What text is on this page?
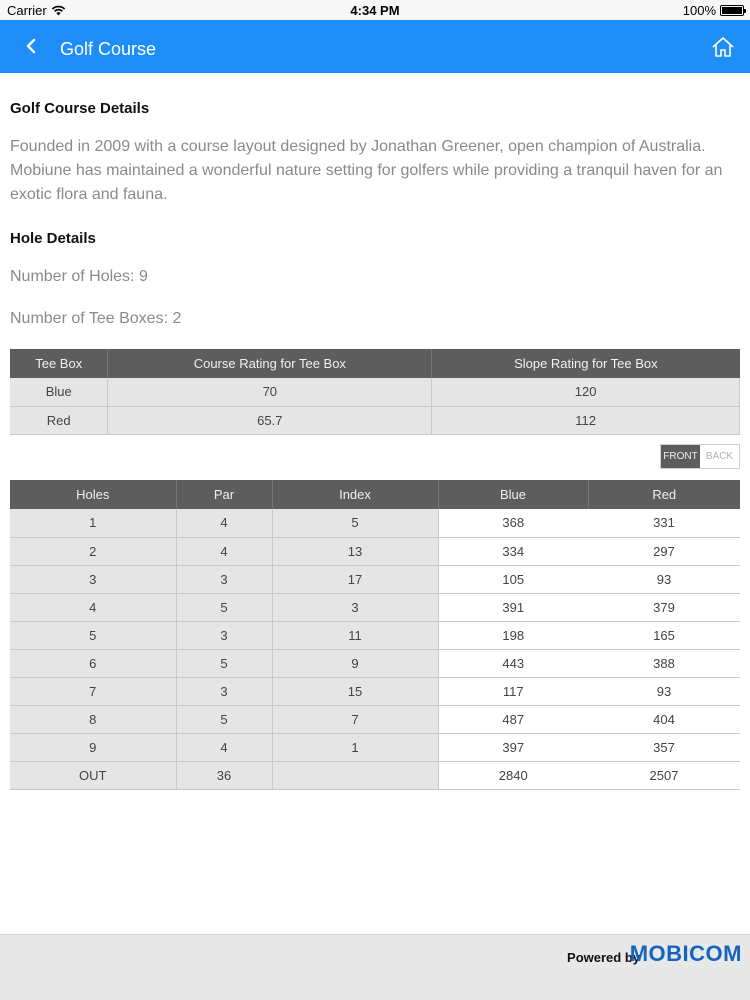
Carrier	4:34 PM	100%
Golf Course
Golf Course Details
Founded in 2009 with a course layout designed by Jonathan Greener, open champion of Australia. Mobiune has maintained a wonderful nature setting for golfers while providing a tranquil haven for an exotic flora and fauna.
Hole Details
Number of Holes: 9
Number of Tee Boxes: 2
Tee Box	Course Rating for Tee Box	Slope Rating for Tee Box
Blue	70	120
Red	65.7	112
FRONT BACK
Holes	Par	Index	Blue	Red
1	4	5	368	331
2	4	13	334	297
3	3	17	105	93
4	5	3	391	379
5	3	11	198	165
6	5	9	443	388
7	3	15	117	93
8	5	7	487	404
9	4	1	397	357
OUT	36		2840	2507
Powered by
MOBICOM
